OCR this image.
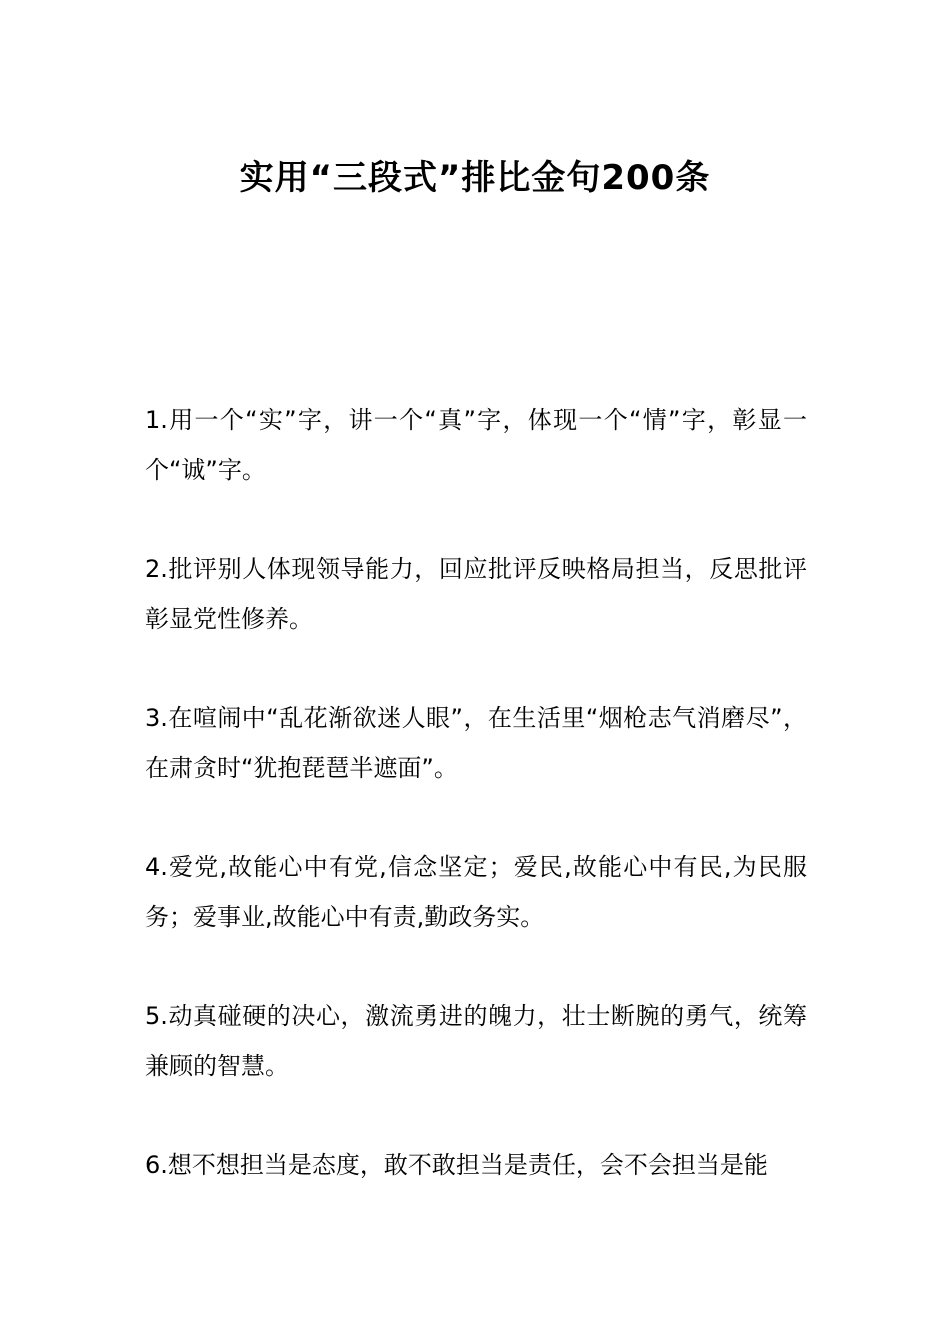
实用“三段式”排比金句200条
1.用一个“实”字，讲一个“真”字，体现一个“情”字，彰显一个“诚”字。
2.批评别人体现领导能力，回应批评反映格局担当，反思批评彰显党性修养。
3.在喧闹中“乱花渐欲迷人眼”，在生活里“烟枪志气消磨尽”，在肃贪时“犹抱琵琶半遮面”。
4.爱党,故能心中有党,信念坚定；爱民,故能心中有民,为民服务；爱事业,故能心中有责,勤政务实。
5.动真碰硬的决心，激流勇进的魄力，壮士断腕的勇气，统筹兼顾的智慧。
6.想不想担当是态度，敢不敢担当是责任，会不会担当是能
